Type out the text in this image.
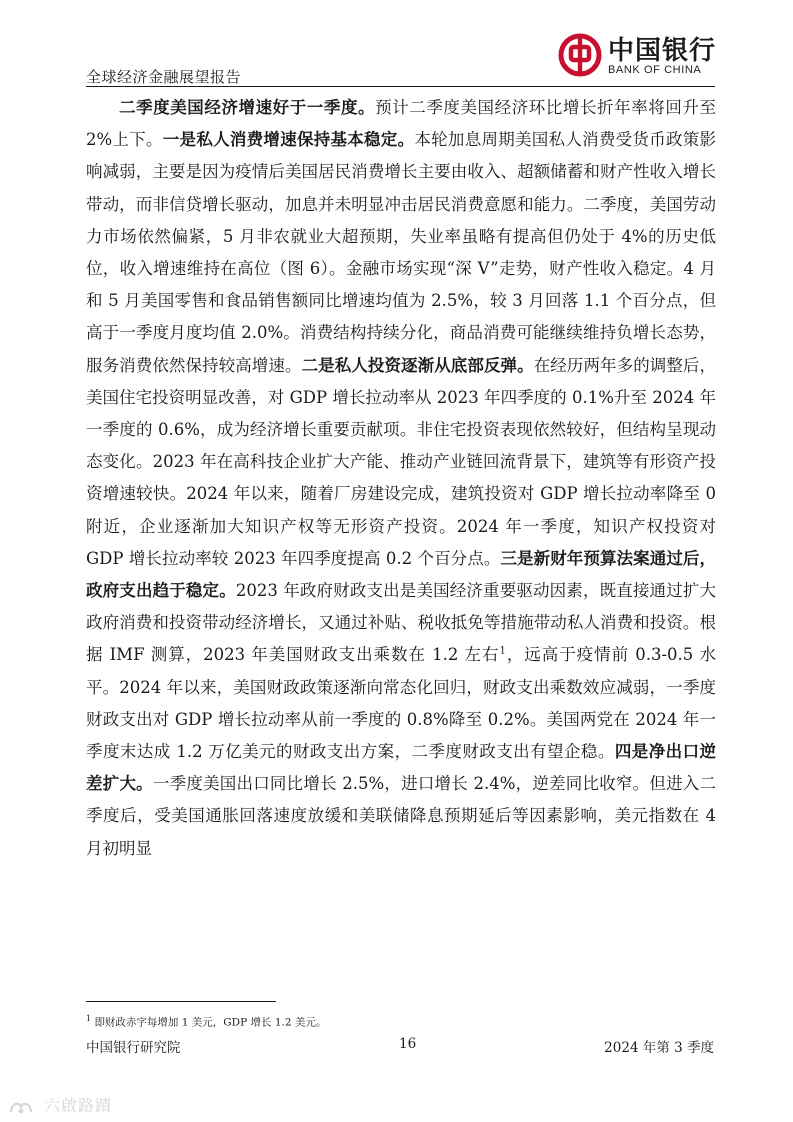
全球经济金融展望报告
中国银行
BANK OF CHINA

二季度美国经济增速好于一季度。预计二季度美国经济环比增长折年率将回升至 2%上下。一是私人消费增速保持基本稳定。本轮加息周期美国私人消费受货币政策影响减弱，主要是因为疫情后美国居民消费增长主要由收入、超额储蓄和财产性收入增长带动，而非信贷增长驱动，加息并未明显冲击居民消费意愿和能力。二季度，美国劳动力市场依然偏紧，5 月非农就业大超预期，失业率虽略有提高但仍处于 4%的历史低位，收入增速维持在高位（图 6）。金融市场实现“深 V”走势，财产性收入稳定。4 月和 5 月美国零售和食品销售额同比增速均值为 2.5%，较 3 月回落 1.1 个百分点，但高于一季度月度均值 2.0%。消费结构持续分化，商品消费可能继续维持负增长态势，服务消费依然保持较高增速。二是私人投资逐渐从底部反弹。在经历两年多的调整后，美国住宅投资明显改善，对 GDP 增长拉动率从 2023 年四季度的 0.1%升至 2024 年一季度的 0.6%，成为经济增长重要贡献项。非住宅投资表现依然较好，但结构呈现动态变化。2023 年在高科技企业扩大产能、推动产业链回流背景下，建筑等有形资产投资增速较快。2024 年以来，随着厂房建设完成，建筑投资对 GDP 增长拉动率降至 0 附近，企业逐渐加大知识产权等无形资产投资。2024 年一季度，知识产权投资对 GDP 增长拉动率较 2023 年四季度提高 0.2 个百分点。三是新财年预算法案通过后，政府支出趋于稳定。2023 年政府财政支出是美国经济重要驱动因素，既直接通过扩大政府消费和投资带动经济增长，又通过补贴、税收抵免等措施带动私人消费和投资。根据 IMF 测算，2023 年美国财政支出乘数在 1.2 左右$^1$，远高于疫情前 0.3-0.5 水平。2024 年以来，美国财政政策逐渐向常态化回归，财政支出乘数效应减弱，一季度财政支出对 GDP 增长拉动率从前一季度的 0.8%降至 0.2%。美国两党在 2024 年一季度末达成 1.2 万亿美元的财政支出方案，二季度财政支出有望企稳。四是净出口逆差扩大。一季度美国出口同比增长 2.5%，进口增长 2.4%，逆差同比收窄。但进入二季度后，受美国通胀回落速度放缓和美联储降息预期延后等因素影响，美元指数在 4 月初明显

$^1$ 即财政赤字每增加 1 美元，GDP 增长 1.2 美元。
中国银行研究院	16	2024 年第 3 季度
六啟路蹟
